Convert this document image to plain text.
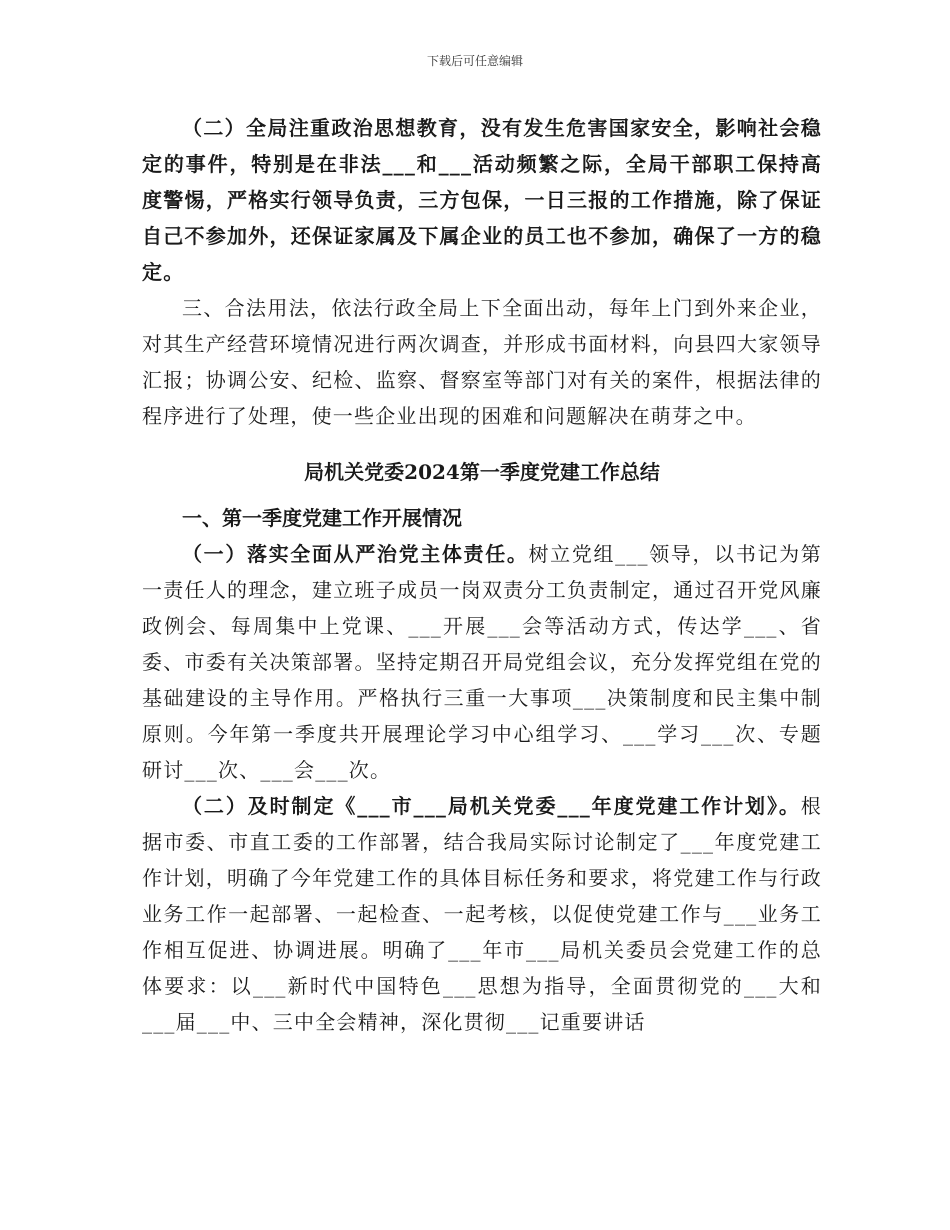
下载后可任意编辑

（二）全局注重政治思想教育，没有发生危害国家安全，影响社会稳定的事件，特别是在非法___和___活动频繁之际，全局干部职工保持高度警惕，严格实行领导负责，三方包保，一日三报的工作措施，除了保证自己不参加外，还保证家属及下属企业的员工也不参加，确保了一方的稳定。

三、合法用法，依法行政全局上下全面出动，每年上门到外来企业，对其生产经营环境情况进行两次调查，并形成书面材料，向县四大家领导汇报；协调公安、纪检、监察、督察室等部门对有关的案件，根据法律的程序进行了处理，使一些企业出现的困难和问题解决在萌芽之中。

局机关党委2024第一季度党建工作总结

一、第一季度党建工作开展情况

（一）落实全面从严治党主体责任。树立党组___领导，以书记为第一责任人的理念，建立班子成员一岗双责分工负责制定，通过召开党风廉政例会、每周集中上党课、___开展___会等活动方式，传达学___、省委、市委有关决策部署。坚持定期召开局党组会议，充分发挥党组在党的基础建设的主导作用。严格执行三重一大事项___决策制度和民主集中制原则。今年第一季度共开展理论学习中心组学习、___学习___次、专题研讨___次、___会___次。

（二）及时制定《___市___局机关党委___年度党建工作计划》。根据市委、市直工委的工作部署，结合我局实际讨论制定了___年度党建工作计划，明确了今年党建工作的具体目标任务和要求，将党建工作与行政业务工作一起部署、一起检查、一起考核，以促使党建工作与___业务工作相互促进、协调进展。明确了___年市___局机关委员会党建工作的总体要求：以___新时代中国特色___思想为指导，全面贯彻党的___大和___届___中、三中全会精神，深化贯彻___记重要讲话
